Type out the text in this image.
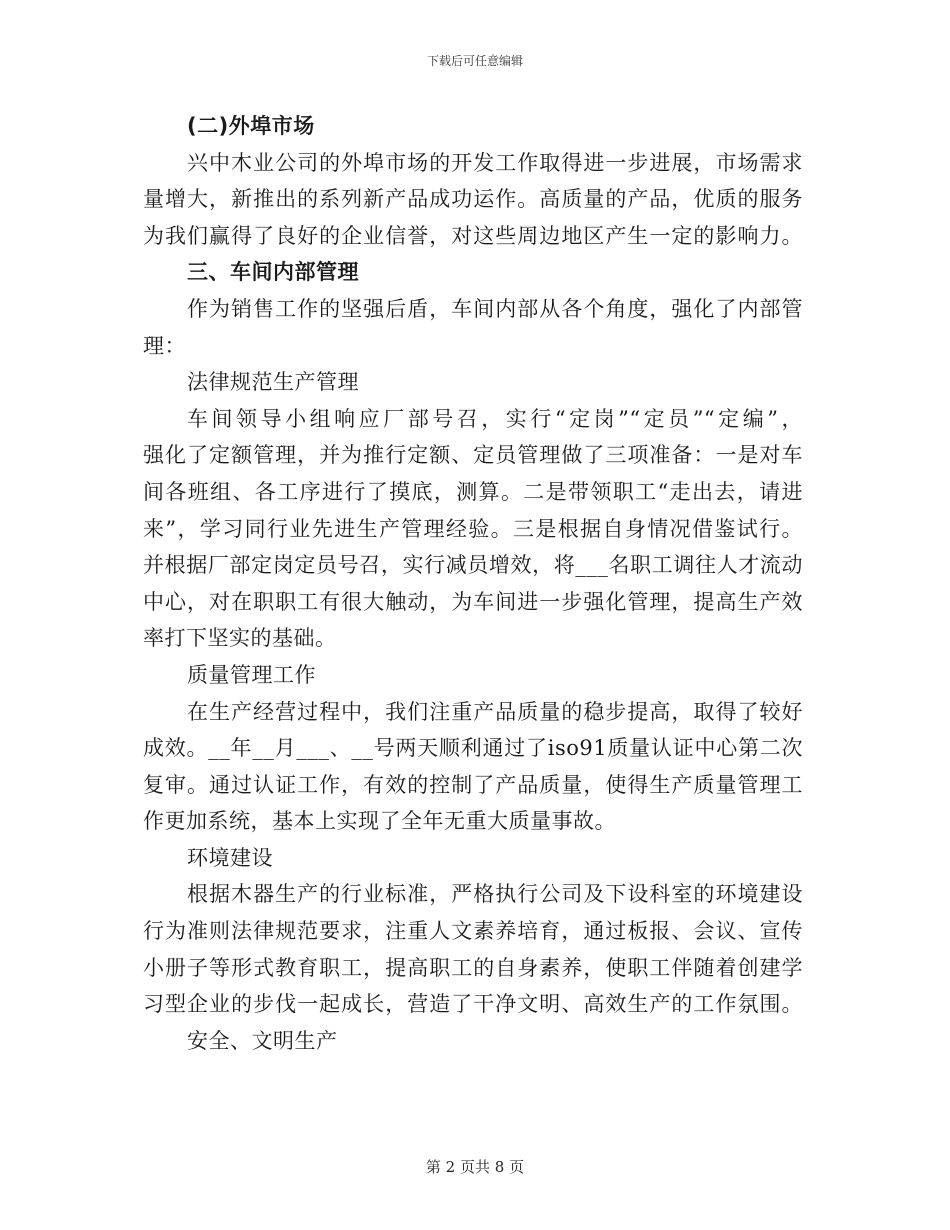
下载后可任意编辑
(二)外埠市场
兴中木业公司的外埠市场的开发工作取得进一步进展，市场需求
量增大，新推出的系列新产品成功运作。高质量的产品，优质的服务
为我们赢得了良好的企业信誉，对这些周边地区产生一定的影响力。
三、车间内部管理
作为销售工作的坚强后盾，车间内部从各个角度，强化了内部管
理：
法律规范生产管理
车间领导小组响应厂部号召，实行“定岗”“定员”“定编”，
强化了定额管理，并为推行定额、定员管理做了三项准备：一是对车
间各班组、各工序进行了摸底，测算。二是带领职工“走出去，请进
来”，学习同行业先进生产管理经验。三是根据自身情况借鉴试行。
并根据厂部定岗定员号召，实行减员增效，将___名职工调往人才流动
中心，对在职职工有很大触动，为车间进一步强化管理，提高生产效
率打下坚实的基础。
质量管理工作
在生产经营过程中，我们注重产品质量的稳步提高，取得了较好
成效。__年__月___、__号两天顺利通过了iso91质量认证中心第二次
复审。通过认证工作，有效的控制了产品质量，使得生产质量管理工
作更加系统，基本上实现了全年无重大质量事故。
环境建设
根据木器生产的行业标准，严格执行公司及下设科室的环境建设
行为准则法律规范要求，注重人文素养培育，通过板报、会议、宣传
小册子等形式教育职工，提高职工的自身素养，使职工伴随着创建学
习型企业的步伐一起成长，营造了干净文明、高效生产的工作氛围。
安全、文明生产
第 2 页共 8 页
